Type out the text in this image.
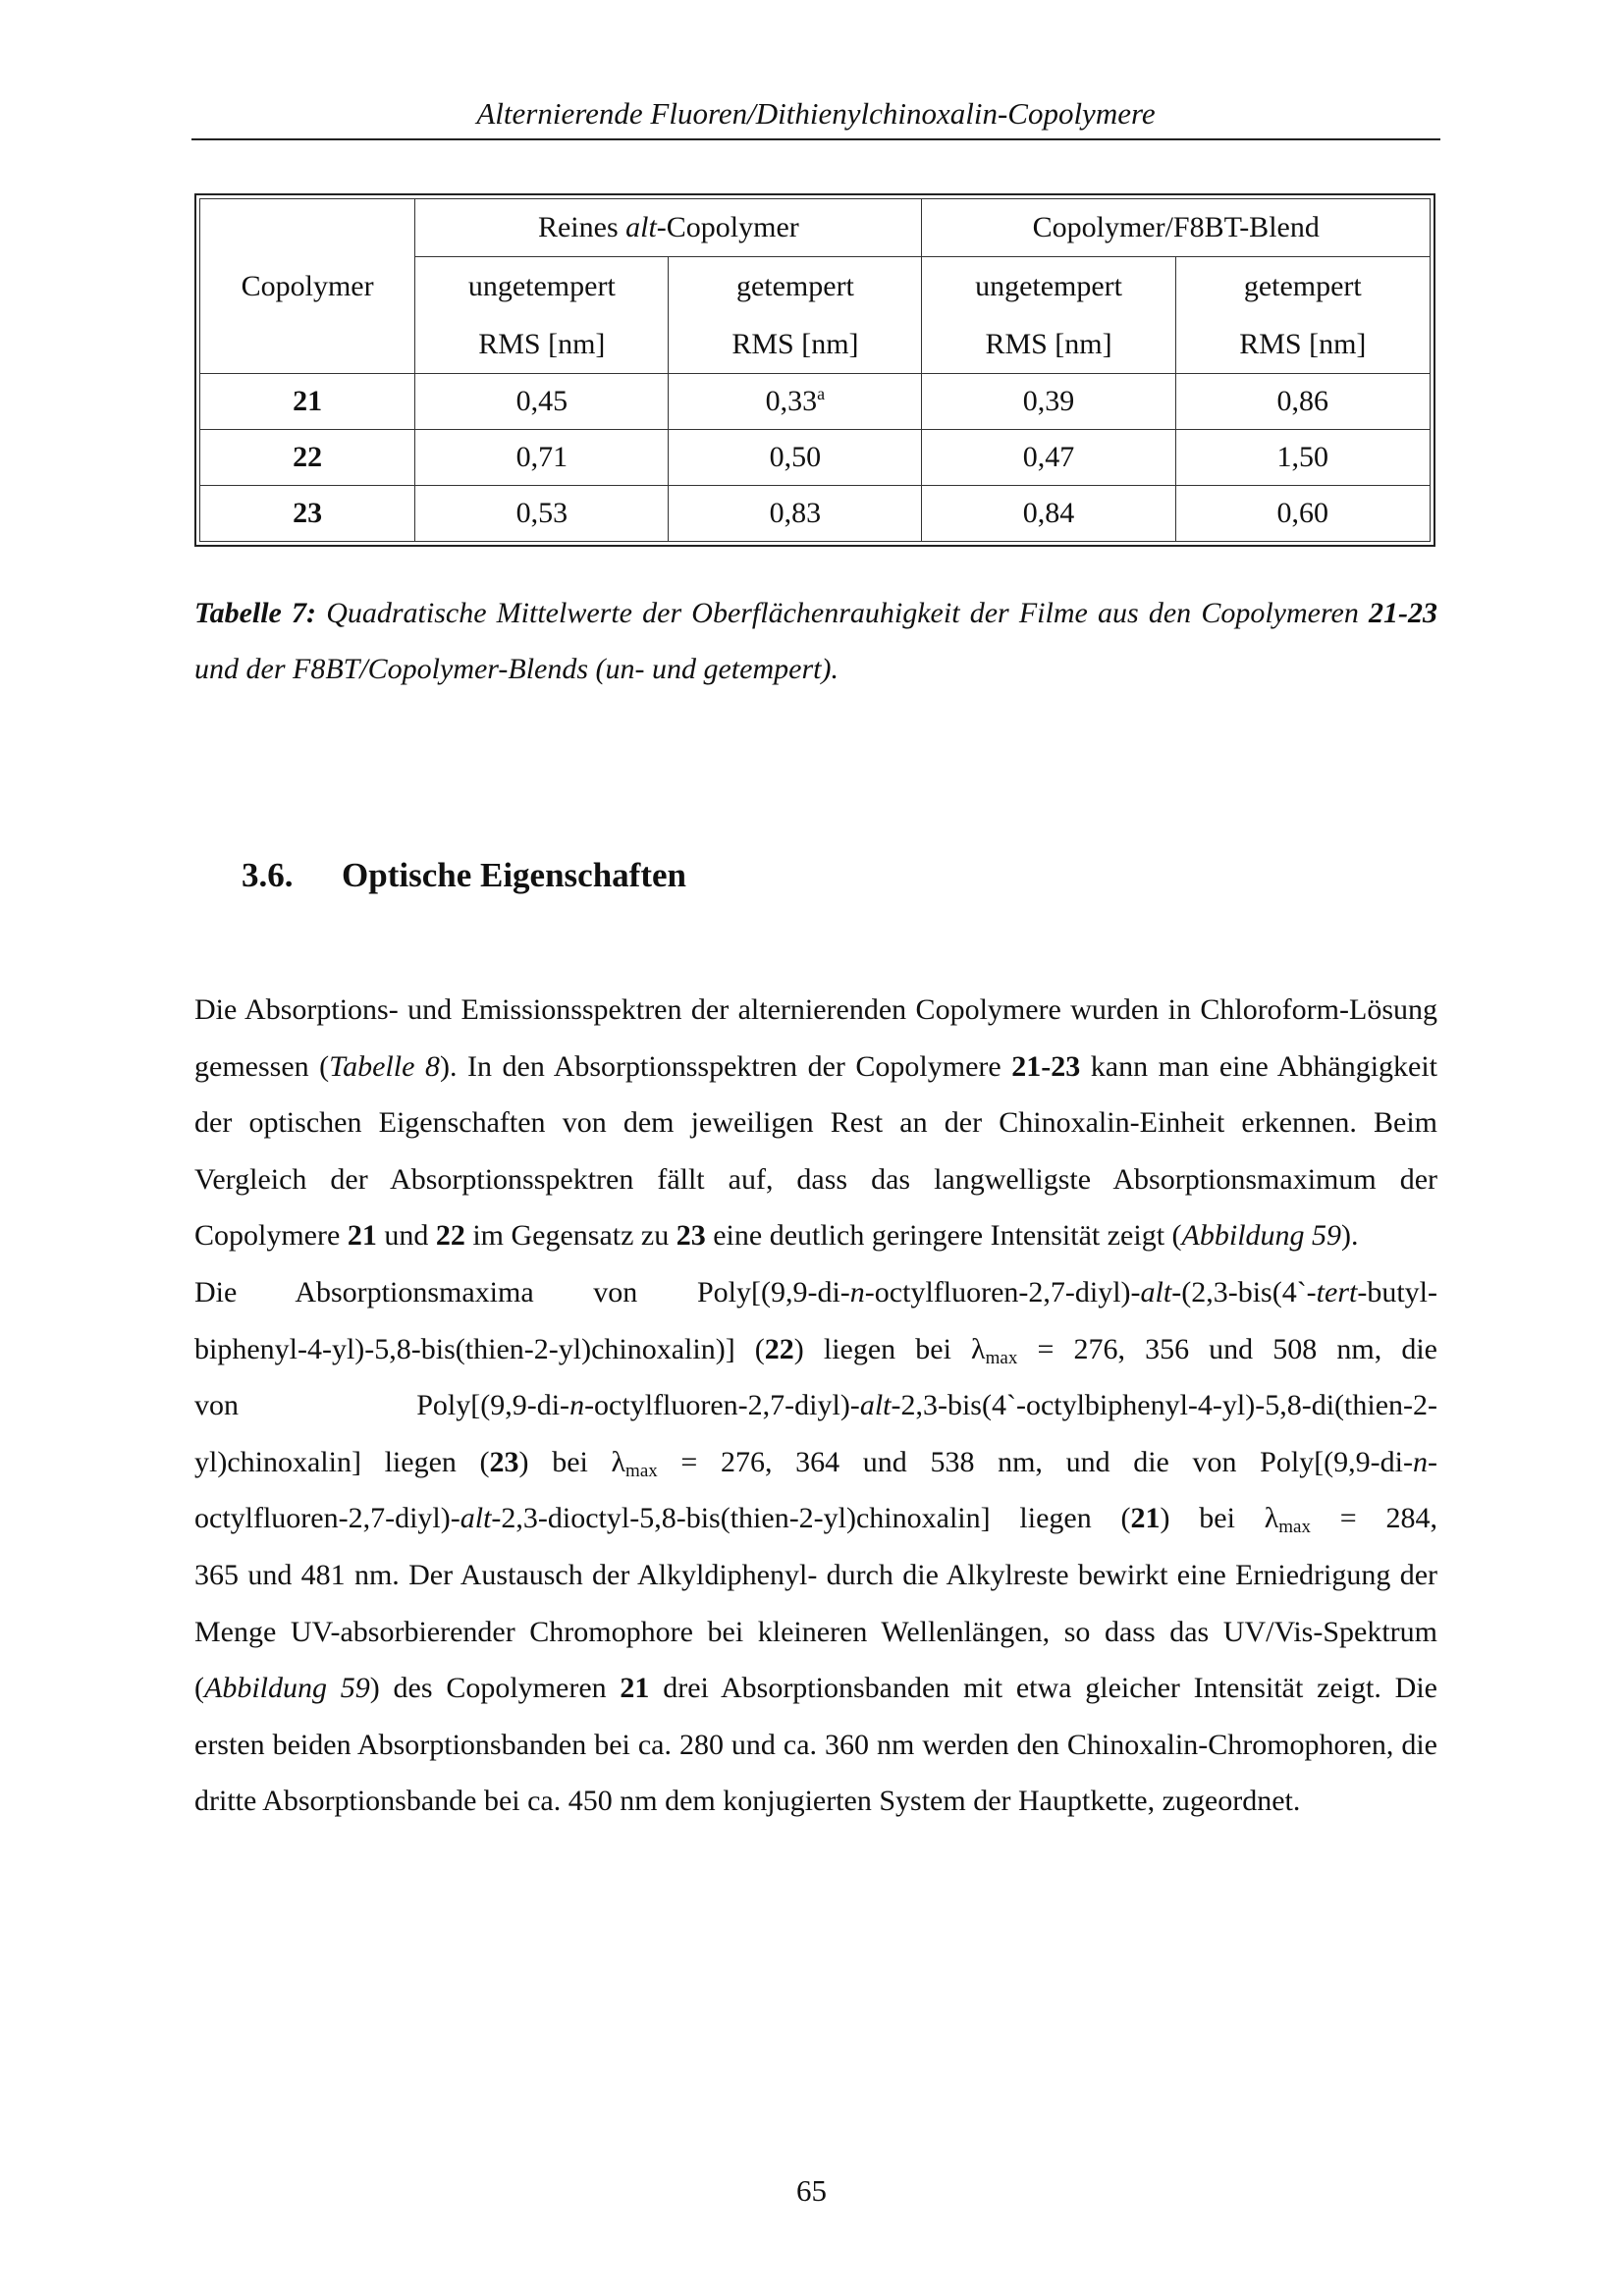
Alternierende Fluoren/Dithienylchinoxalin-Copolymere
Copolymer	Reines alt-Copolymer		Copolymer/F8BT-Blend	
	ungetempert	getempert	ungetempert	getempert
	RMS [nm]	RMS [nm]	RMS [nm]	RMS [nm]
21	0,45	0,33$^a$	0,39	0,86
22	0,71	0,50	0,47	1,50
23	0,53	0,83	0,84	0,60
Tabelle 7: Quadratische Mittelwerte der Oberflächenrauhigkeit der Filme aus den Copolymeren 21-23 und der F8BT/Copolymer-Blends (un- und getempert).
3.6. Optische Eigenschaften

Die Absorptions- und Emissionsspektren der alternierenden Copolymere wurden in Chloroform-Lösung gemessen (Tabelle 8). In den Absorptionsspektren der Copolymere 21-23 kann man eine Abhängigkeit der optischen Eigenschaften von dem jeweiligen Rest an der Chinoxalin-Einheit erkennen. Beim Vergleich der Absorptionsspektren fällt auf, dass das langwelligste Absorptionsmaximum der Copolymere 21 und 22 im Gegensatz zu 23 eine deutlich geringere Intensität zeigt (Abbildung 59).

Die Absorptionsmaxima von Poly[(9,9-di-n-octylfluoren-2,7-diyl)-alt-(2,3-bis(4`-tert-butyl-

biphenyl-4-yl)-5,8-bis(thien-2-yl)chinoxalin)] (22) liegen bei $\lambda_{max} = 276$, 356 und 508 nm, die

von	Poly[(9,9-di-n-octylfluoren-2,7-diyl)-alt-2,3-bis(4`-octylbiphenyl-4-yl)-5,8-di(thien-2-

yl)chinoxalin] liegen (23) bei $\lambda_{max} = 276$, 364 und 538 nm, und die von Poly[(9,9-di-n-

octylfluoren-2,7-diyl)-alt-2,3-dioctyl-5,8-bis(thien-2-yl)chinoxalin] liegen (21) bei $\lambda_{max} = 284$,

365 und 481 nm. Der Austausch der Alkyldiphenyl- durch die Alkylreste bewirkt eine Erniedrigung der Menge UV-absorbierender Chromophore bei kleineren Wellenlängen, so dass das UV/Vis-Spektrum (Abbildung 59) des Copolymeren 21 drei Absorptionsbanden mit etwa gleicher Intensität zeigt. Die ersten beiden Absorptionsbanden bei ca. 280 und ca. 360 nm werden den Chinoxalin-Chromophoren, die dritte Absorptionsbande bei ca. 450 nm dem konjugierten System der Hauptkette, zugeordnet.

65
